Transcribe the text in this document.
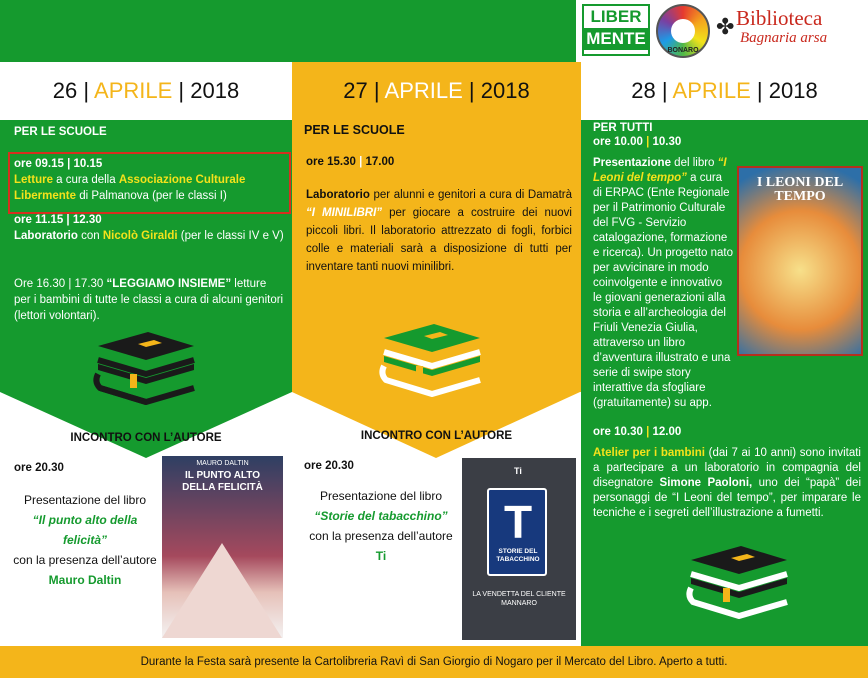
LIBER
MENTE
BONARO
✤ Biblioteca
Bagnaria arsa
26 | APRILE | 2018
PER LE SCUOLE
ore 09.15 | 10.15
Letture a cura della Associazione Culturale Libermente di Palmanova (per le classi I)
ore 11.15 | 12.30
Laboratorio con Nicolò Giraldi (per le classi IV e V)
Ore 16.30 | 17.30 “LEGGIAMO INSIEME” letture per i bambini di tutte le classi a cura di alcuni genitori (lettori volontari).
INCONTRO CON L’AUTORE
ore 20.30
Presentazione del libro
“Il punto alto della felicità”
con la presenza dell’autore
Mauro Daltin
MAURO DALTIN
IL PUNTO ALTO DELLA FELICITÀ
27 | APRILE | 2018
PER LE SCUOLE
ore 15.30 | 17.00
Laboratorio per alunni e genitori a cura di Damatrà “I MINILIBRI” per giocare a costruire dei nuovi piccoli libri. Il laboratorio attrezzato di fogli, forbici colle e materiali sarà a disposizione di tutti per inventare tanti nuovi minilibri.
INCONTRO CON L’AUTORE
ore 20.30
Presentazione del libro
“Storie del tabacchino”
con la presenza dell’autore
Ti
Ti
T
STORIE DEL TABACCHINO
LA VENDETTA DEL CLIENTE MANNARO
28 | APRILE | 2018
PER TUTTI
ore 10.00 | 10.30
Presentazione del libro “I Leoni del tempo” a cura di ERPAC (Ente Regionale per il Patrimonio Culturale del FVG - Servizio catalogazione, formazione e ricerca). Un progetto nato per avvicinare in modo coinvolgente e innovativo le giovani generazioni alla storia e all’archeologia del Friuli Venezia Giulia, attraverso un libro d’avventura illustrato e una serie di swipe story interattive da sfogliare (gratuitamente) su app.
I LEONI DEL TEMPO
ore 10.30 | 12.00
Atelier per i bambini (dai 7 ai 10 anni) sono invitati a partecipare a un laboratorio in compagnia del disegnatore Simone Paoloni, uno dei “papà” dei personaggi de “I Leoni del tempo”, per imparare le tecniche e i segreti dell’illustrazione a fumetti.
Durante la Festa sarà presente la Cartolibreria Ravì di San Giorgio di Nogaro per il Mercato del Libro. Aperto a tutti.
